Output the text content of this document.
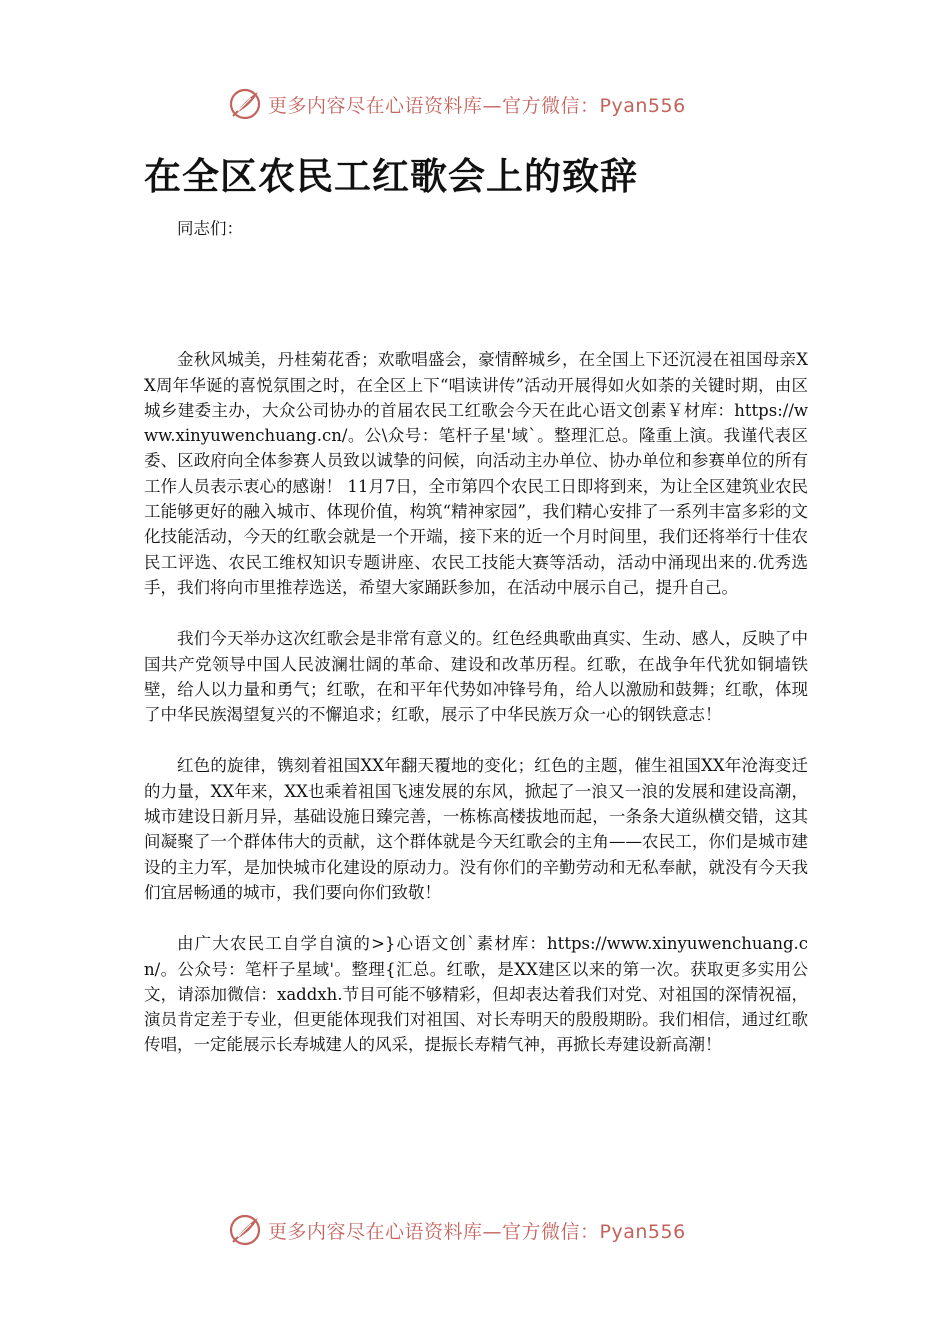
更多内容尽在心语资料库—官方微信：Pyan556
在全区农民工红歌会上的致辞

同志们：

金秋风城美，丹桂菊花香；欢歌唱盛会，豪情醉城乡，在全国上下还沉浸在祖国母亲XX周年华诞的喜悦氛围之时，在全区上下“唱读讲传”活动开展得如火如荼的关键时期，由区城乡建委主办，大众公司协办的首届农民工红歌会今天在此心语文创素￥材库：https://www.xinyuwenchuang.cn/。公\众号：笔杆子星'域`。整理汇总。隆重上演。我谨代表区委、区政府向全体参赛人员致以诚挚的问候，向活动主办单位、协办单位和参赛单位的所有工作人员表示衷心的感谢！ 11月7日，全市第四个农民工日即将到来，为让全区建筑业农民工能够更好的融入城市、体现价值，构筑“精神家园”，我们精心安排了一系列丰富多彩的文化技能活动，今天的红歌会就是一个开端，接下来的近一个月时间里，我们还将举行十佳农民工评选、农民工维权知识专题讲座、农民工技能大赛等活动，活动中涌现出来的.优秀选手，我们将向市里推荐选送，希望大家踊跃参加，在活动中展示自己，提升自己。

我们今天举办这次红歌会是非常有意义的。红色经典歌曲真实、生动、感人，反映了中国共产党领导中国人民波澜壮阔的革命、建设和改革历程。红歌，在战争年代犹如铜墙铁壁，给人以力量和勇气；红歌，在和平年代势如冲锋号角，给人以激励和鼓舞；红歌，体现了中华民族渴望复兴的不懈追求；红歌，展示了中华民族万众一心的钢铁意志！

红色的旋律，镌刻着祖国XX年翻天覆地的变化；红色的主题，催生祖国XX年沧海变迁的力量，XX年来，XX也乘着祖国飞速发展的东风，掀起了一浪又一浪的发展和建设高潮，城市建设日新月异，基础设施日臻完善，一栋栋高楼拔地而起，一条条大道纵横交错，这其间凝聚了一个群体伟大的贡献，这个群体就是今天红歌会的主角——农民工，你们是城市建设的主力军，是加快城市化建设的原动力。没有你们的辛勤劳动和无私奉献，就没有今天我们宜居畅通的城市，我们要向你们致敬！

由广大农民工自学自演的>}心语文创`素材库：https://www.xinyuwenchuang.cn/。公众号：笔杆子星域'。整理{汇总。红歌，是XX建区以来的第一次。获取更多实用公文，请添加微信：xaddxh.节目可能不够精彩，但却表达着我们对党、对祖国的深情祝福，演员肯定差于专业，但更能体现我们对祖国、对长寿明天的殷殷期盼。我们相信，通过红歌传唱，一定能展示长寿城建人的风采，提振长寿精气神，再掀长寿建设新高潮！

更多内容尽在心语资料库—官方微信：Pyan556
